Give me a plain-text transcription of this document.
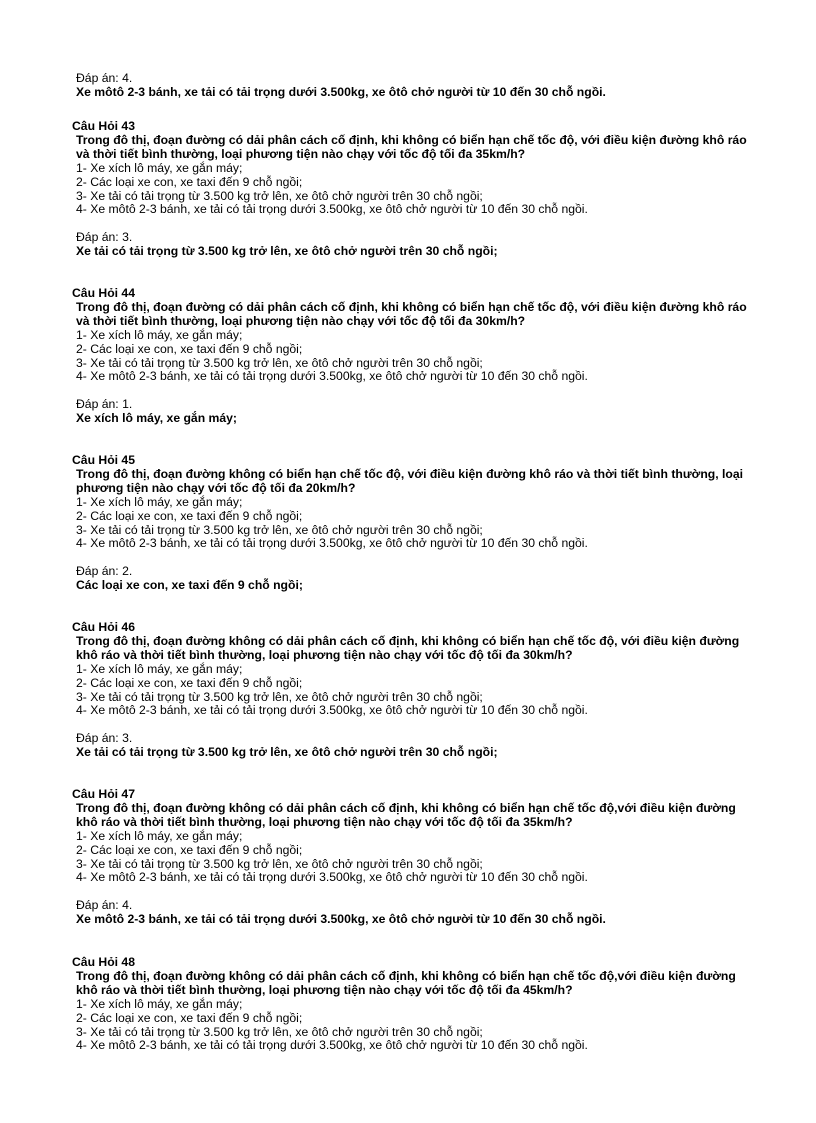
Đáp án: 4.
Xe môtô 2-3 bánh, xe tải có tải trọng dưới 3.500kg, xe ôtô chở người từ 10 đến 30 chỗ ngồi.
Câu Hỏi 43
Trong đô thị, đoạn đường có dải phân cách cố định, khi không có biển hạn chế tốc độ, với điều kiện đường khô ráo và thời tiết bình thường, loại phương tiện nào chạy với tốc độ tối đa 35km/h?
1- Xe xích lô máy, xe gắn máy;
2- Các loại xe con, xe taxi đến 9 chỗ ngồi;
3- Xe tải có tải trọng từ 3.500 kg trở lên, xe ôtô chở người trên 30 chỗ ngồi;
4- Xe môtô 2-3 bánh, xe tải có tải trọng dưới 3.500kg, xe ôtô chở người từ 10 đến 30 chỗ ngồi.
Đáp án: 3.
Xe tải có tải trọng từ 3.500 kg trở lên, xe ôtô chở người trên 30 chỗ ngồi;
Câu Hỏi 44
Trong đô thị, đoạn đường có dải phân cách cố định, khi không có biển hạn chế tốc độ, với điều kiện đường khô ráo và thời tiết bình thường, loại phương tiện nào chạy với tốc độ tối đa 30km/h?
1- Xe xích lô máy, xe gắn máy;
2- Các loại xe con, xe taxi đến 9 chỗ ngồi;
3- Xe tải có tải trọng từ 3.500 kg trở lên, xe ôtô chở người trên 30 chỗ ngồi;
4- Xe môtô 2-3 bánh, xe tải có tải trọng dưới 3.500kg, xe ôtô chở người từ 10 đến 30 chỗ ngồi.
Đáp án: 1.
Xe xích lô máy, xe gắn máy;
Câu Hỏi 45
Trong đô thị, đoạn đường không có biển hạn chế tốc độ, với điều kiện đường khô ráo và thời tiết bình thường, loại phương tiện nào chạy với tốc độ tối đa 20km/h?
1- Xe xích lô máy, xe gắn máy;
2- Các loại xe con, xe taxi đến 9 chỗ ngồi;
3- Xe tải có tải trọng từ 3.500 kg trở lên, xe ôtô chở người trên 30 chỗ ngồi;
4- Xe môtô 2-3 bánh, xe tải có tải trọng dưới 3.500kg, xe ôtô chở người từ 10 đến 30 chỗ ngồi.
Đáp án: 2.
Các loại xe con, xe taxi đến 9 chỗ ngồi;
Câu Hỏi 46
Trong đô thị, đoạn đường không có dải phân cách cố định, khi không có biển hạn chế tốc độ, với điều kiện đường khô ráo và thời tiết bình thường, loại phương tiện nào chạy với tốc độ tối đa 30km/h?
1- Xe xích lô máy, xe gắn máy;
2- Các loại xe con, xe taxi đến 9 chỗ ngồi;
3- Xe tải có tải trọng từ 3.500 kg trở lên, xe ôtô chở người trên 30 chỗ ngồi;
4- Xe môtô 2-3 bánh, xe tải có tải trọng dưới 3.500kg, xe ôtô chở người từ 10 đến 30 chỗ ngồi.
Đáp án: 3.
Xe tải có tải trọng từ 3.500 kg trở lên, xe ôtô chở người trên 30 chỗ ngồi;
Câu Hỏi 47
Trong đô thị, đoạn đường không có dải phân cách cố định, khi không có biển hạn chế tốc độ,với điều kiện đường khô ráo và thời tiết bình thường, loại phương tiện nào chạy với tốc độ tối đa 35km/h?
1- Xe xích lô máy, xe gắn máy;
2- Các loại xe con, xe taxi đến 9 chỗ ngồi;
3- Xe tải có tải trọng từ 3.500 kg trở lên, xe ôtô chở người trên 30 chỗ ngồi;
4- Xe môtô 2-3 bánh, xe tải có tải trọng dưới 3.500kg, xe ôtô chở người từ 10 đến 30 chỗ ngồi.
Đáp án: 4.
Xe môtô 2-3 bánh, xe tải có tải trọng dưới 3.500kg, xe ôtô chở người từ 10 đến 30 chỗ ngồi.
Câu Hỏi 48
Trong đô thị, đoạn đường không có dải phân cách cố định, khi không có biển hạn chế tốc độ,với điều kiện đường khô ráo và thời tiết bình thường, loại phương tiện nào chạy với tốc độ tối đa 45km/h?
1- Xe xích lô máy, xe gắn máy;
2- Các loại xe con, xe taxi đến 9 chỗ ngồi;
3- Xe tải có tải trọng từ 3.500 kg trở lên, xe ôtô chở người trên 30 chỗ ngồi;
4- Xe môtô 2-3 bánh, xe tải có tải trọng dưới 3.500kg, xe ôtô chở người từ 10 đến 30 chỗ ngồi.
